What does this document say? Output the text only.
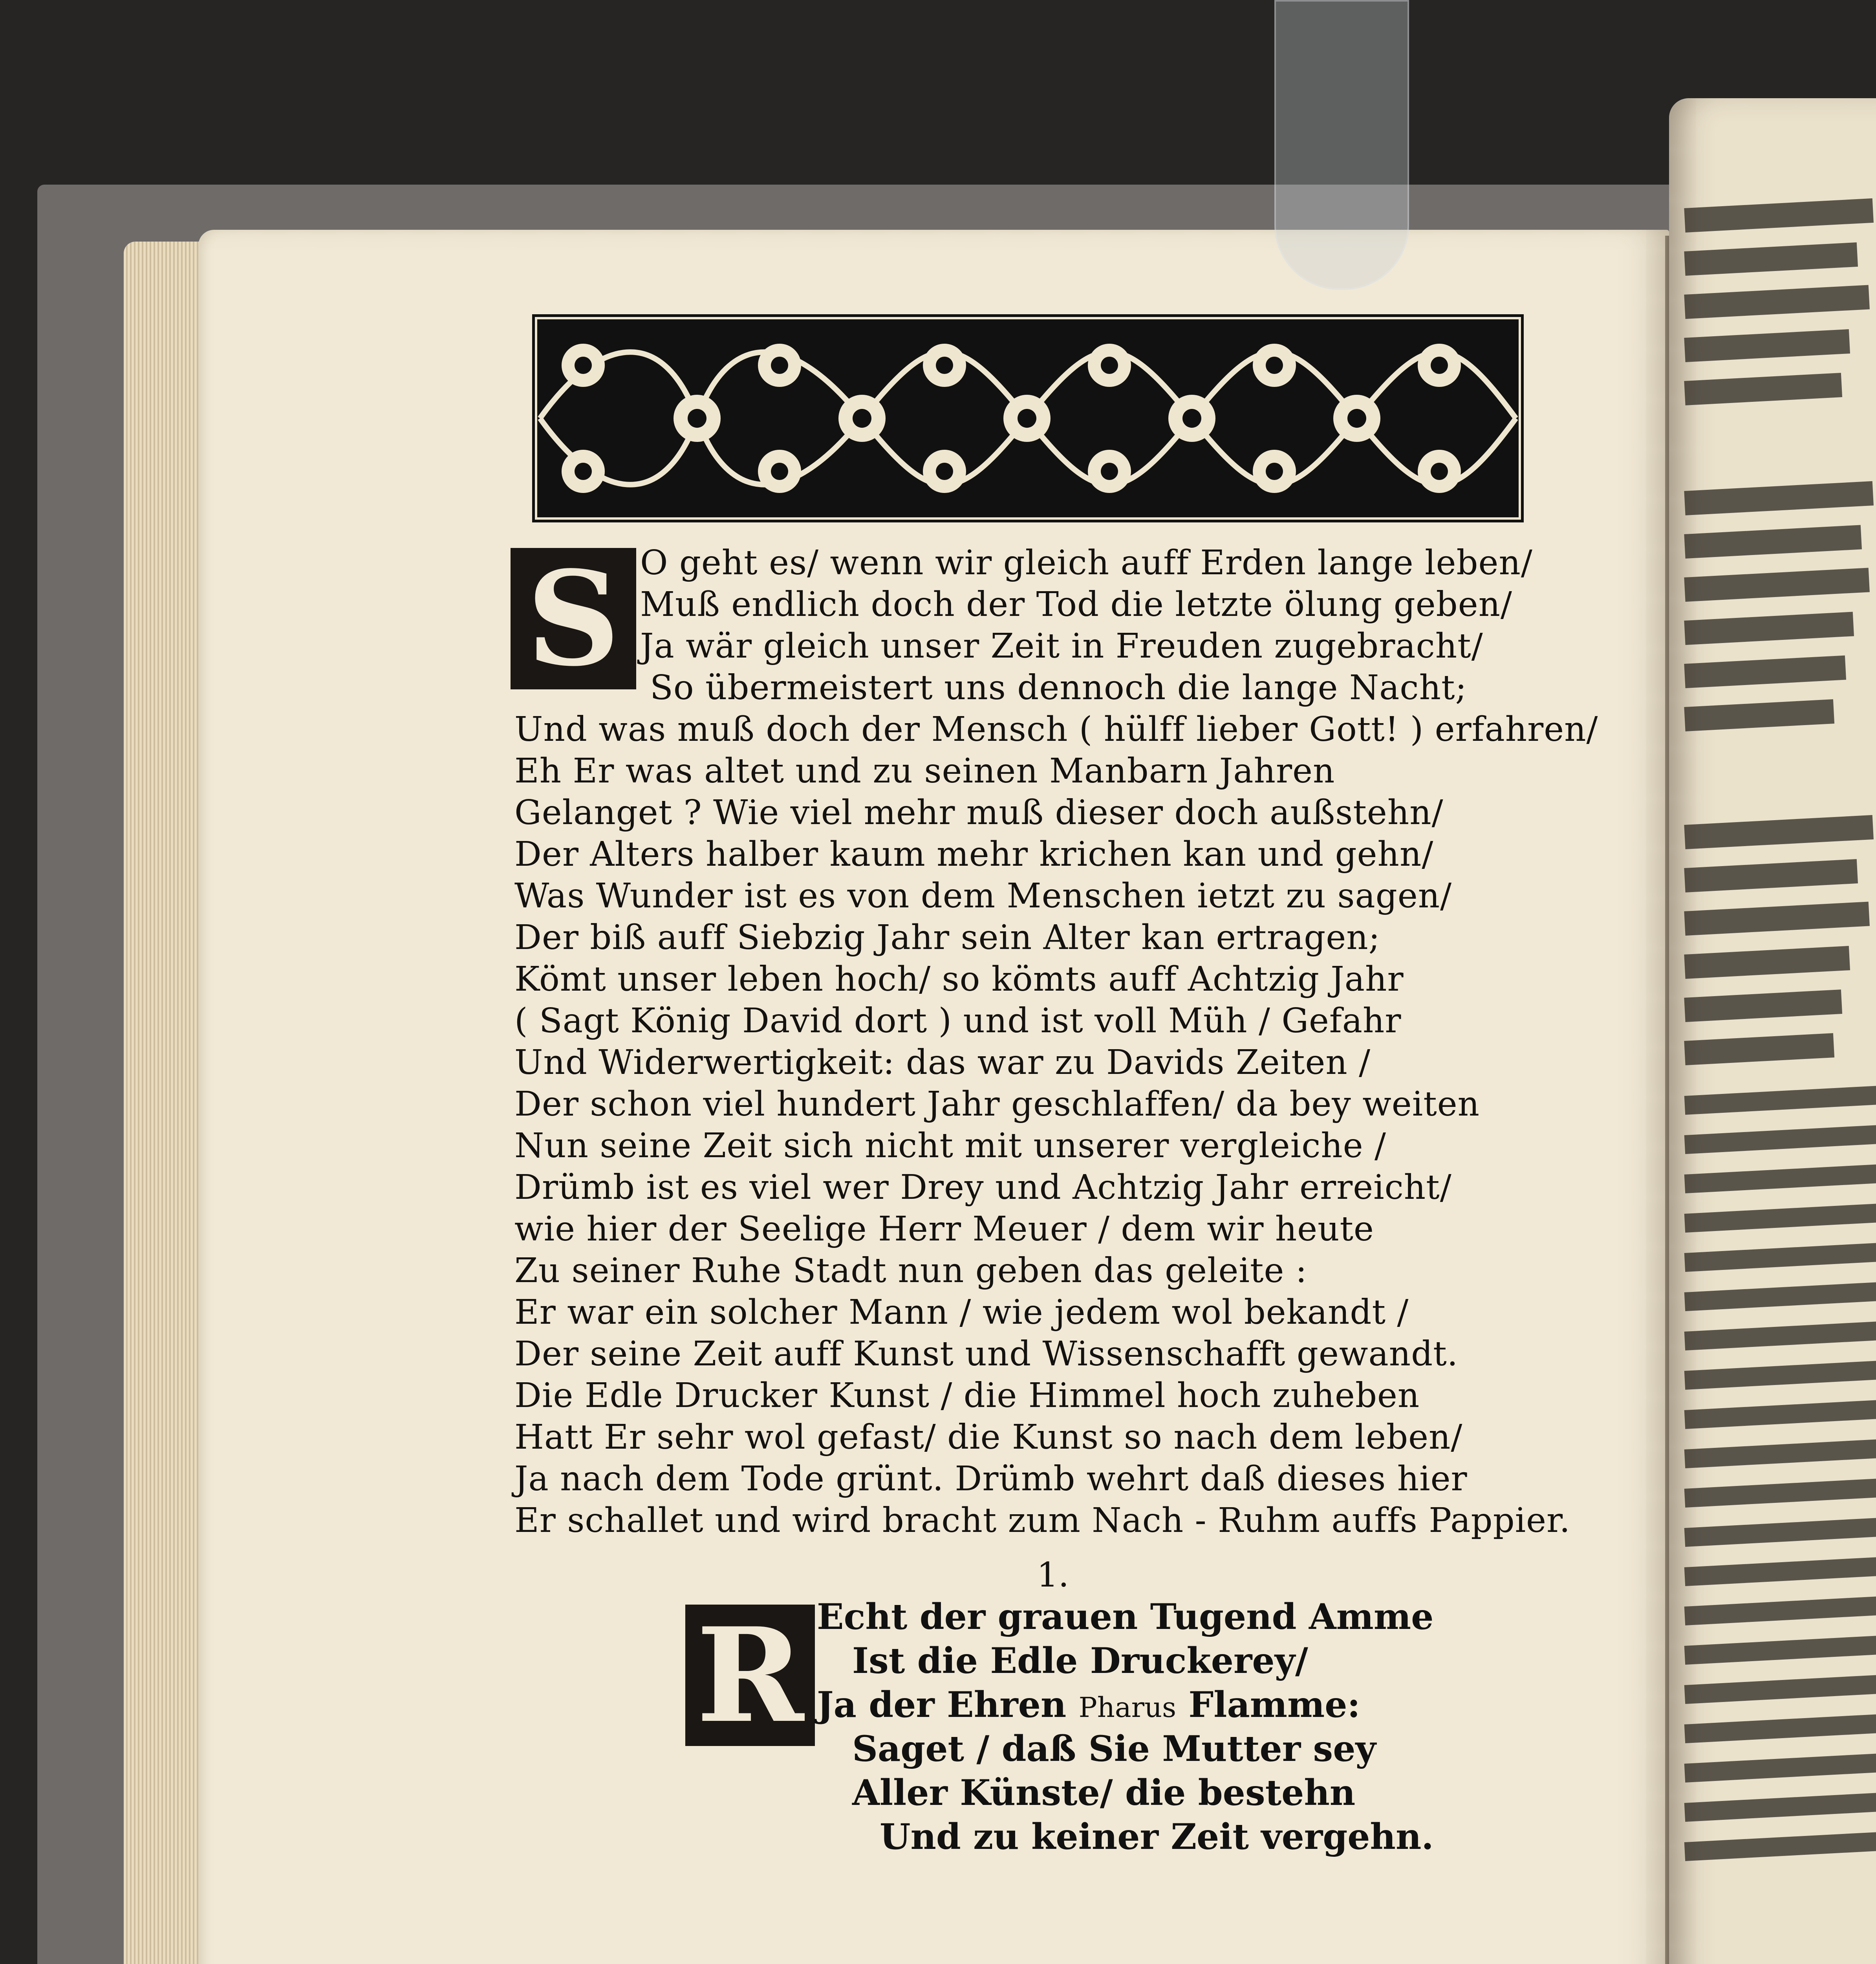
S O geht es/ wenn wir gleich auff Erden lange leben/
Muß endlich doch der Tod die letzte ölung geben/
Ja wär gleich unser Zeit in Freuden zugebracht/
So übermeistert uns dennoch die lange Nacht;
Und was muß doch der Mensch ( hülff lieber Gott! ) erfahren/
Eh Er was altet und zu seinen Manbarn Jahren
Gelanget ? Wie viel mehr muß dieser doch außstehn/
Der Alters halber kaum mehr krichen kan und gehn/
Was Wunder ist es von dem Menschen ietzt zu sagen/
Der biß auff Siebzig Jahr sein Alter kan ertragen;
Kömt unser leben hoch/ so kömts auff Achtzig Jahr
( Sagt König David dort ) und ist voll Müh / Gefahr
Und Widerwertigkeit: das war zu Davids Zeiten /
Der schon viel hundert Jahr geschlaffen/ da bey weiten
Nun seine Zeit sich nicht mit unserer vergleiche /
Drümb ist es viel wer Drey und Achtzig Jahr erreicht/
wie hier der Seelige Herr Meuer / dem wir heute
Zu seiner Ruhe Stadt nun geben das geleite :
Er war ein solcher Mann / wie jedem wol bekandt /
Der seine Zeit auff Kunst und Wissenschafft gewandt.
Die Edle Drucker Kunst / die Himmel hoch zuheben
Hatt Er sehr wol gefast/ die Kunst so nach dem leben/
Ja nach dem Tode grünt. Drümb wehrt daß dieses hier
Er schallet und wird bracht zum Nach - Ruhm auffs Pappier.
1.
R Echt der grauen Tugend Amme
Ist die Edle Druckerey/
Ja der Ehren Pharus Flamme:
Saget / daß Sie Mutter sey
Aller Künste/ die bestehn
Und zu keiner Zeit vergehn.
